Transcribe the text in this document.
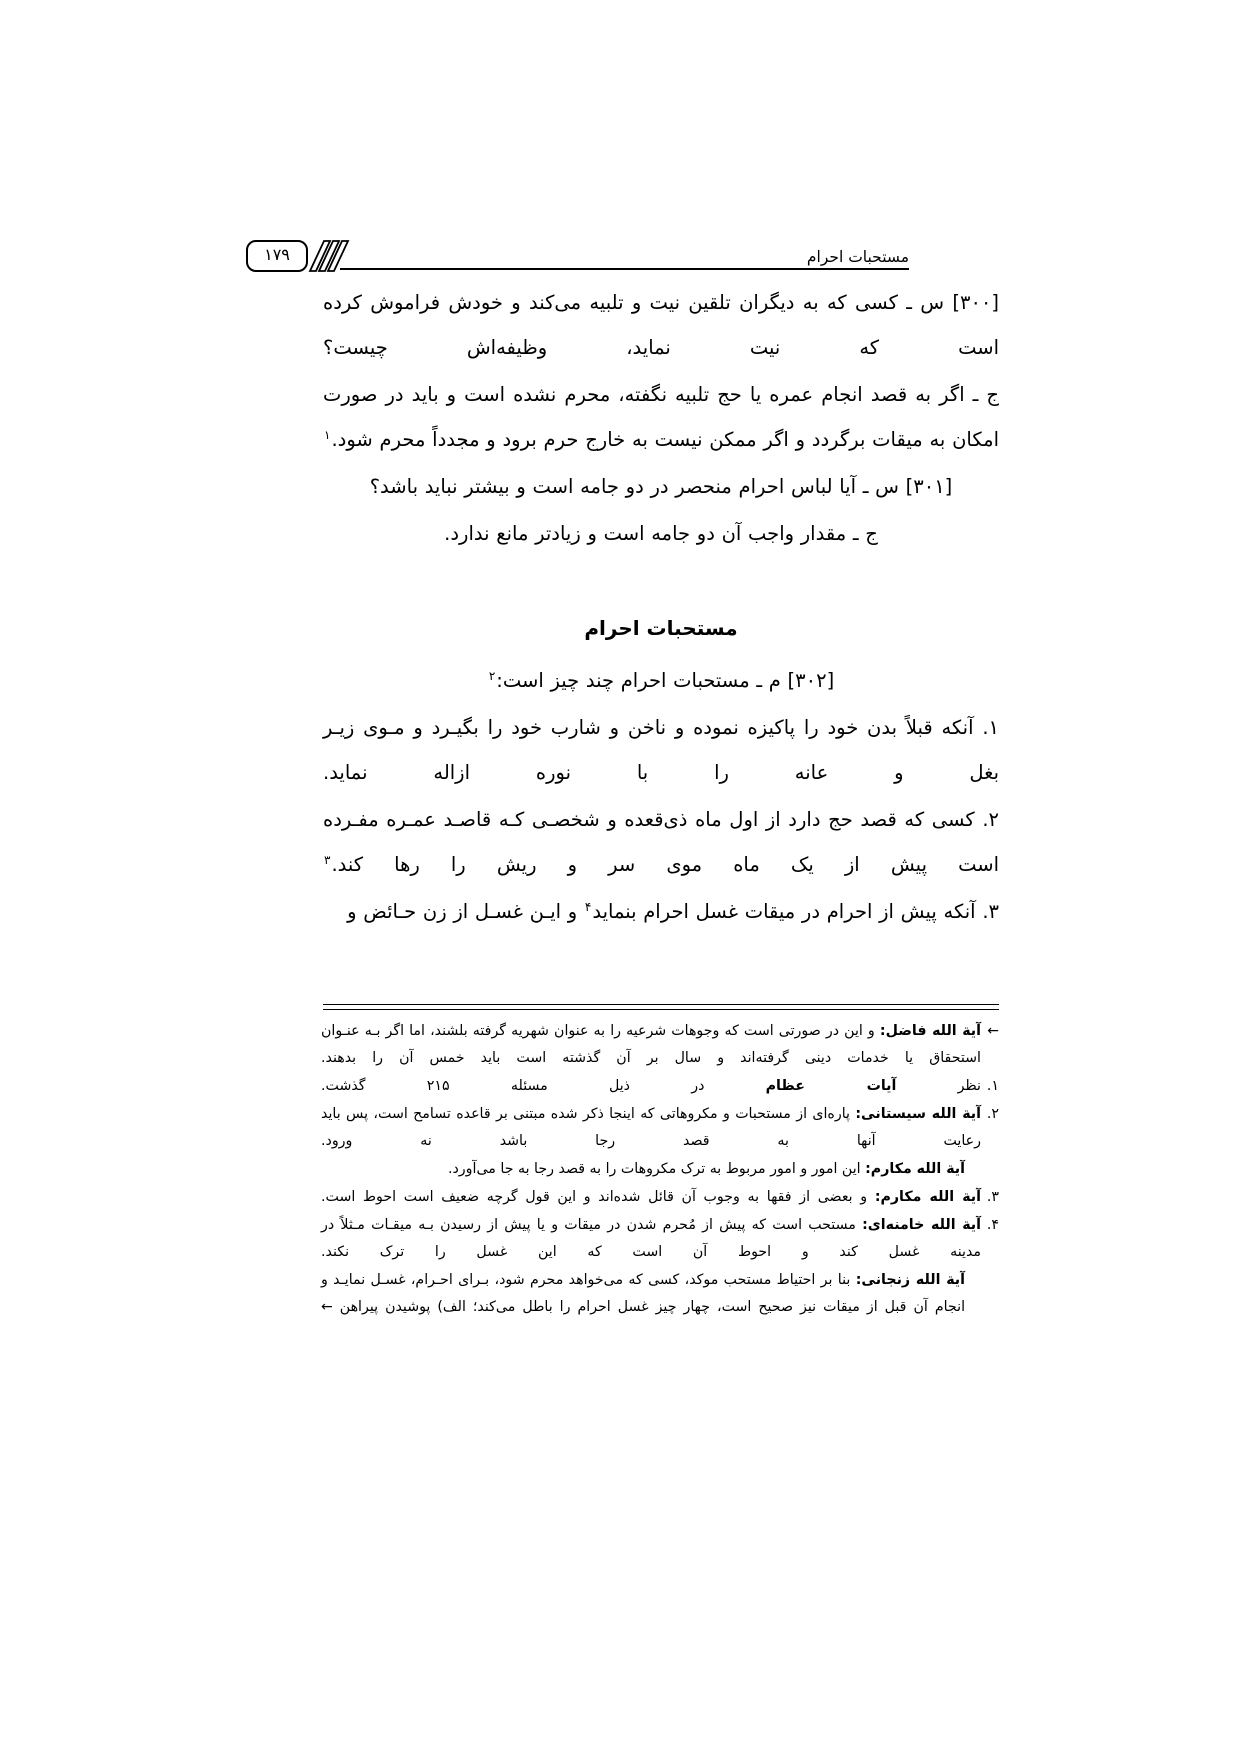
۱۷۹	مستحبات احرام

[۳۰۰] س ـ کسی که به دیگران تلقین نیت و تلبیه می‌کند و خودش فراموش کرده است که نیت نماید، وظیفه‌اش چیست؟

ج ـ اگر به قصد انجام عمره یا حج تلبیه نگفته، محرم نشده است و باید در صورت امکان به میقات برگردد و اگر ممکن نیست به خارج حرم برود و مجدداً محرم شود.$^۱$

[۳۰۱] س ـ آیا لباس احرام منحصر در دو جامه است و بیشتر نباید باشد؟

ج ـ مقدار واجب آن دو جامه است و زیادتر مانع ندارد.

مستحبات احرام

[۳۰۲] م ـ مستحبات احرام چند چیز است:$^۲$

۱. آنکه قبلاً بدن خود را پاکیزه نموده و ناخن و شارب خود را بگیـرد و مـوی زیـر بغل و عانه را با نوره ازاله نماید.

۲. کسی که قصد حج دارد از اول ماه ذی‌قعده و شخصـی کـه قاصـد عمـره مفـرده است پیش از یک ماه موی سر و ریش را رها کند.$^۳$

۳. آنکه پیش از احرام در میقات غسل احرام بنماید$^۴$ و ایـن غسـل از زن حـائض و

←
آیة الله فاضل: و این در صورتی است که وجوهات شرعیه را به عنوان شهریه گرفته بلشند، اما اگر بـه عنـوان استحقاق یا خدمات دینی گرفته‌اند و سال بر آن گذشته است باید خمس آن را بدهند.

۱.
نظر آیات عظام در ذیل مسئله ۲۱۵ گذشت.

۲.
آیة الله سیستانی: پاره‌ای از مستحبات و مکروهاتی که اینجا ذکر شده مبتنی بر قاعده تسامح است، پس باید رعایت آنها به قصد رجا باشد نه ورود.

آیة الله مکارم: این امور و امور مربوط به ترک مکروهات را به قصد رجا به جا می‌آورد.

۳.
آیة الله مکارم: و بعضی از فقها به وجوب آن قائل شده‌اند و این قول گرچه ضعیف است احوط است.

۴.
آیة الله خامنه‌ای: مستحب است که پیش از مُحرم شدن در میقات و یا پیش از رسیدن بـه میقـات مـثلاً در مدینه غسل کند و احوط آن است که این غسل را ترک نکند.

آیة الله زنجانی: بنا بر احتیاط مستحب موکد، کسی که می‌خواهد محرم شود، بـرای احـرام، غسـل نمایـد و انجام آن قبل از میقات نیز صحیح است، چهار چیز غسل احرام را باطل می‌کند؛ الف) پوشیدن پیراهن ←
